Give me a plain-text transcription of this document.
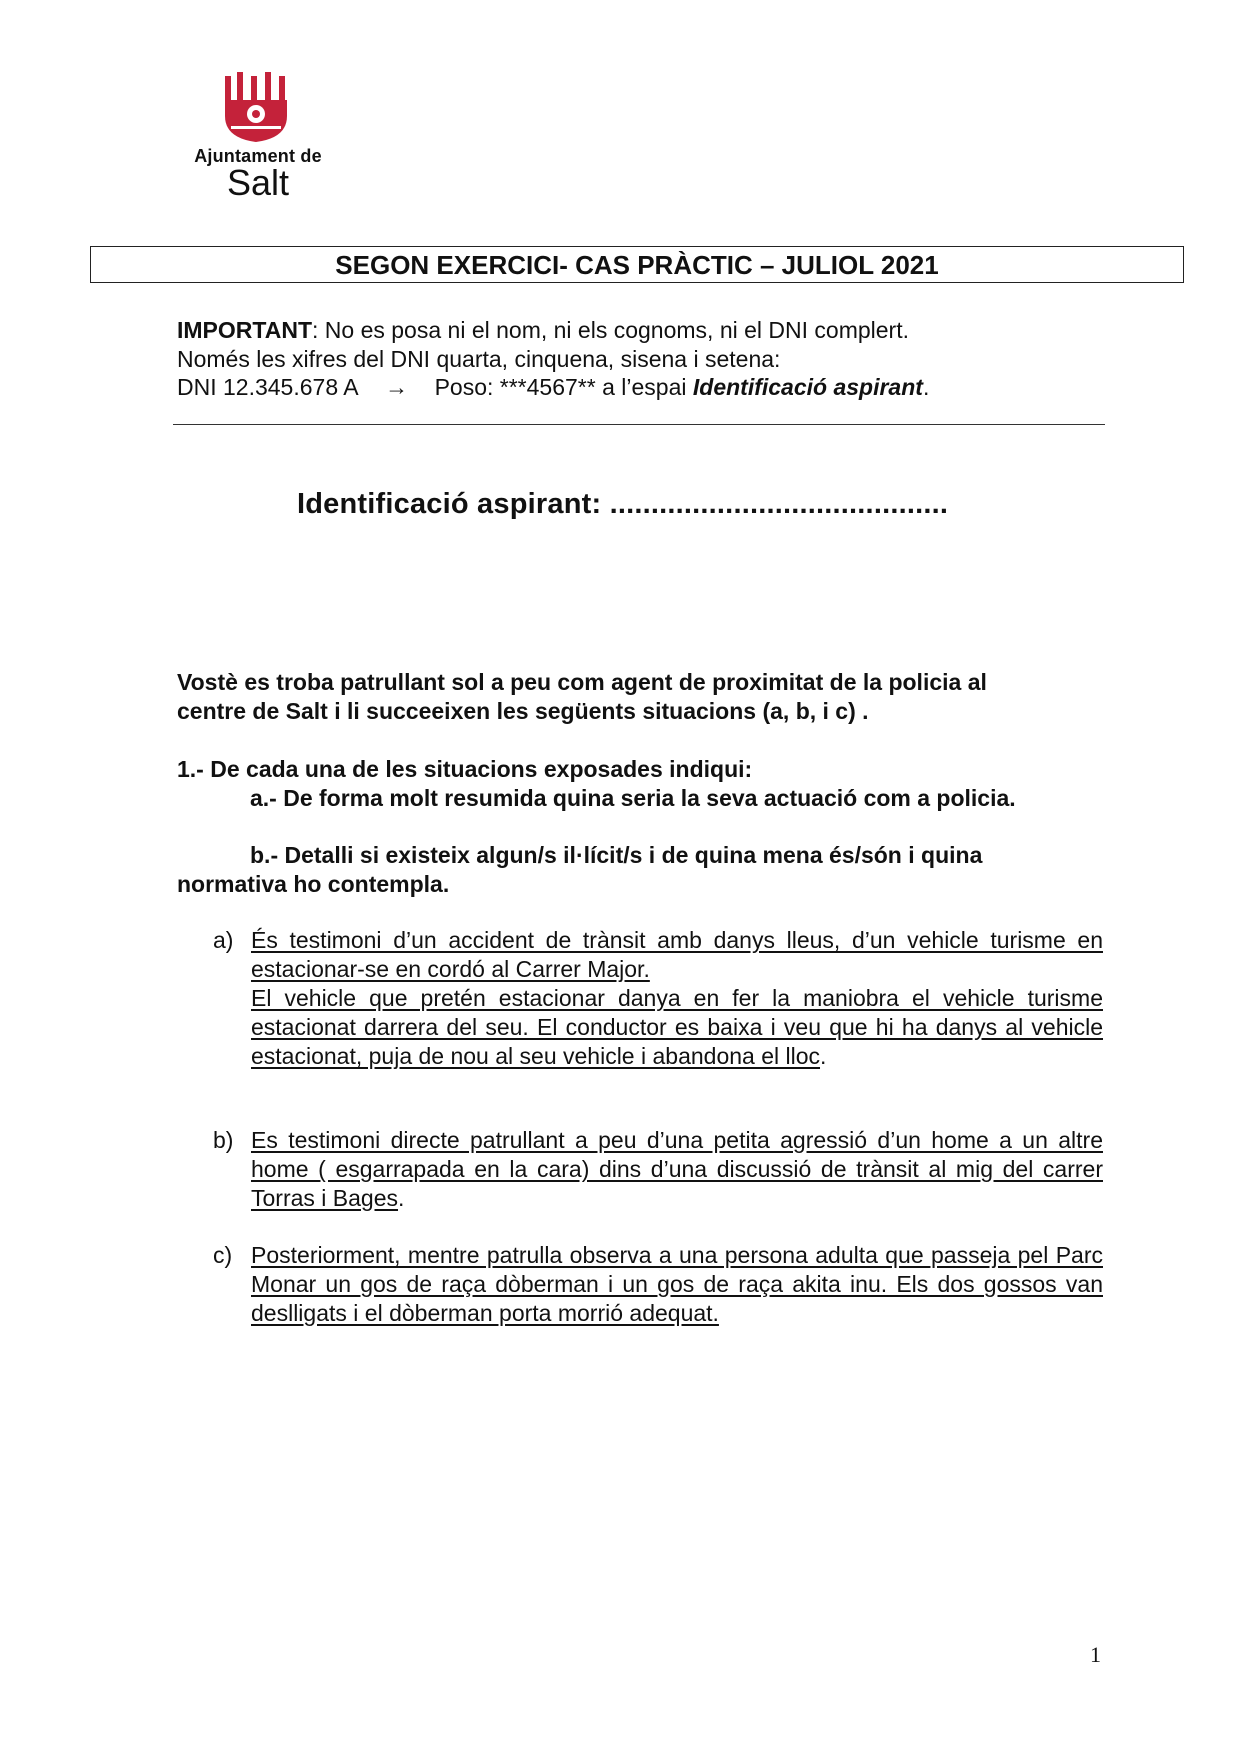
Ajuntament de
Salt
SEGON EXERCICI- CAS PRÀCTIC – JULIOL 2021
IMPORTANT: No es posa ni el nom, ni els cognoms, ni el DNI complert.
Només les xifres del DNI quarta, cinquena, sisena i setena:
DNI 12.345.678 A → Poso: ***4567** a l’espai Identificació aspirant.
Identificació aspirant: .........................................
Vostè es troba patrullant sol a peu com agent de proximitat de la policia al
centre de Salt i li succeeixen les següents situacions (a, b, i c) .
1.- De cada una de les situacions exposades indiqui:
a.- De forma molt resumida quina seria la seva actuació com a policia.
b.- Detalli si existeix algun/s il·lícit/s i de quina mena és/són i quina
normativa ho contempla.
a) És testimoni d’un accident de trànsit amb danys lleus, d’un vehicle turisme en estacionar-se en cordó al Carrer Major.
El vehicle que pretén estacionar danya en fer la maniobra el vehicle turisme estacionat darrera del seu. El conductor es baixa i veu que hi ha danys al vehicle estacionat, puja de nou al seu vehicle i abandona el lloc.
b) Es testimoni directe patrullant a peu d’una petita agressió d’un home a un altre home ( esgarrapada en la cara) dins d’una discussió de trànsit al mig del carrer Torras i Bages.
c) Posteriorment, mentre patrulla observa a una persona adulta que passeja pel Parc Monar un gos de raça dòberman i un gos de raça akita inu. Els dos gossos van deslligats i el dòberman porta morrió adequat.
1
